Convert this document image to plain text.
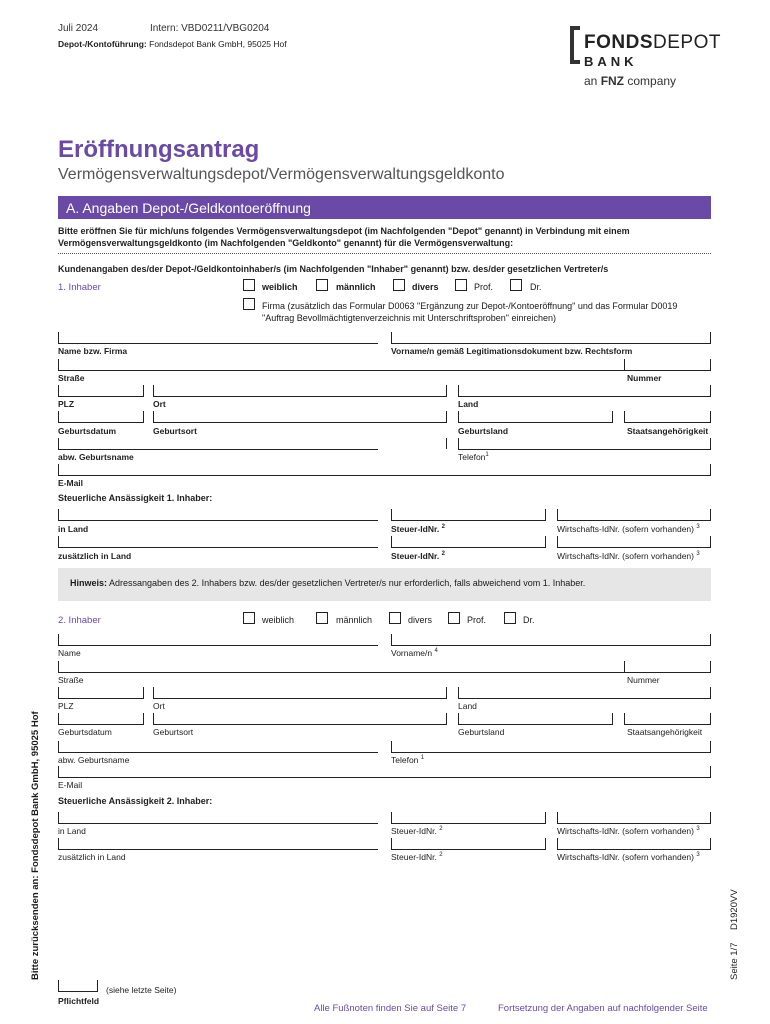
Juli 2024	Intern: VBD0211/VBG0204
Depot-/Kontoführung: Fondsdepot Bank GmbH, 95025 Hof	FONDSDEPOT
BANK
an FNZ company
Eröffnungsantrag
Vermögensverwaltungsdepot/Vermögensverwaltungsgeldkonto
A. Angaben Depot-/Geldkontoeröffnung
Bitte eröffnen Sie für mich/uns folgendes Vermögensverwaltungsdepot (im Nachfolgenden "Depot" genannt) in Verbindung mit einem Vermögensverwaltungsgeldkonto (im Nachfolgenden "Geldkonto" genannt) für die Vermögensverwaltung:
Kundenangaben des/der Depot-/Geldkontoinhaber/s (im Nachfolgenden "Inhaber" genannt) bzw. des/der gesetzlichen Vertreter/s
1. Inhaber	weiblich	männlich	divers	Prof.	Dr.
Firma (zusätzlich das Formular D0063 "Ergänzung zur Depot-/Kontoeröffnung" und das Formular D0019 "Auftrag Bevollmächtigtenverzeichnis mit Unterschriftsproben" einreichen)
Name bzw. Firma	Vorname/n gemäß Legitimationsdokument bzw. Rechtsform
Straße	Nummer
PLZ	Ort	Land
Geburtsdatum	Geburtsort	Geburtsland	Staatsangehörigkeit
abw. Geburtsname	Telefon$^1$
E-Mail
Steuerliche Ansässigkeit 1. Inhaber:
in Land	Steuer-IdNr. $^2$	Wirtschafts-IdNr. (sofern vorhanden) $^3$
zusätzlich in Land	Steuer-IdNr. $^2$	Wirtschafts-IdNr. (sofern vorhanden) $^3$
Hinweis: Adressangaben des 2. Inhabers bzw. des/der gesetzlichen Vertreter/s nur erforderlich, falls abweichend vom 1. Inhaber.
2. Inhaber	weiblich	männlich	divers	Prof.	Dr.
Name	Vorname/n $^4$
Straße	Nummer
PLZ	Ort	Land
Geburtsdatum	Geburtsort	Geburtsland	Staatsangehörigkeit
abw. Geburtsname	Telefon $^1$
E-Mail
Steuerliche Ansässigkeit 2. Inhaber:
in Land	Steuer-IdNr. $^2$	Wirtschafts-IdNr. (sofern vorhanden) $^3$
zusätzlich in Land	Steuer-IdNr. $^2$	Wirtschafts-IdNr. (sofern vorhanden) $^3$
Bitte zurücksenden an: Fondsdepot Bank GmbH, 95025 Hof	D1920VV
Seite 1/7
(siehe letzte Seite)
Pflichtfeld
Alle Fußnoten finden Sie auf Seite 7	Fortsetzung der Angaben auf nachfolgender Seite
